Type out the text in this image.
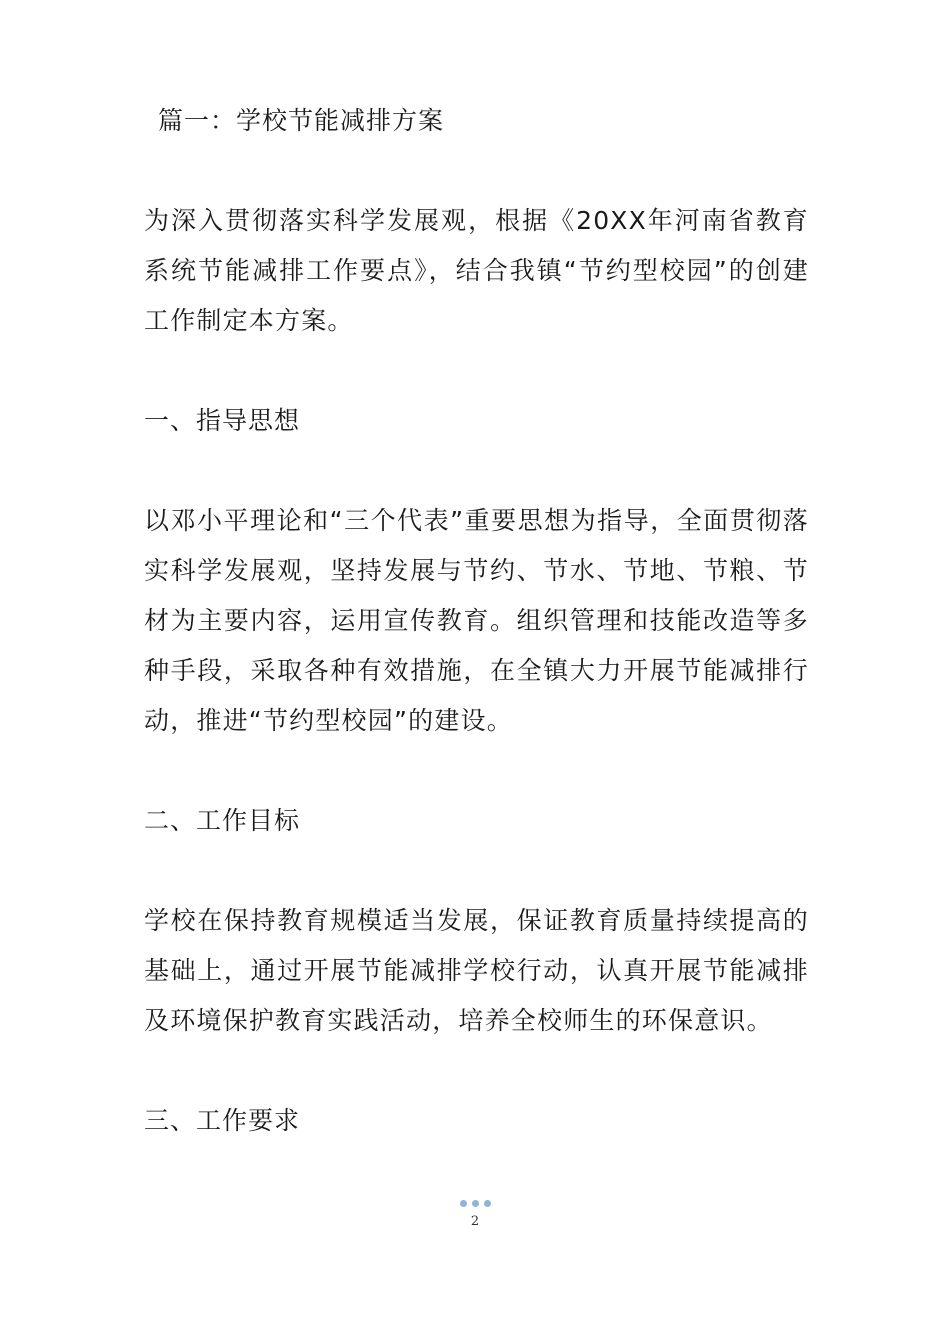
篇一：学校节能减排方案
为深入贯彻落实科学发展观，根据《20XX年河南省教育系统节能减排工作要点》，结合我镇“节约型校园”的创建工作制定本方案。
一、指导思想
以邓小平理论和“三个代表”重要思想为指导，全面贯彻落实科学发展观，坚持发展与节约、节水、节地、节粮、节材为主要内容，运用宣传教育。组织管理和技能改造等多种手段，采取各种有效措施，在全镇大力开展节能减排行动，推进“节约型校园”的建设。
二、工作目标
学校在保持教育规模适当发展，保证教育质量持续提高的基础上，通过开展节能减排学校行动，认真开展节能减排及环境保护教育实践活动，培养全校师生的环保意识。
三、工作要求
2
